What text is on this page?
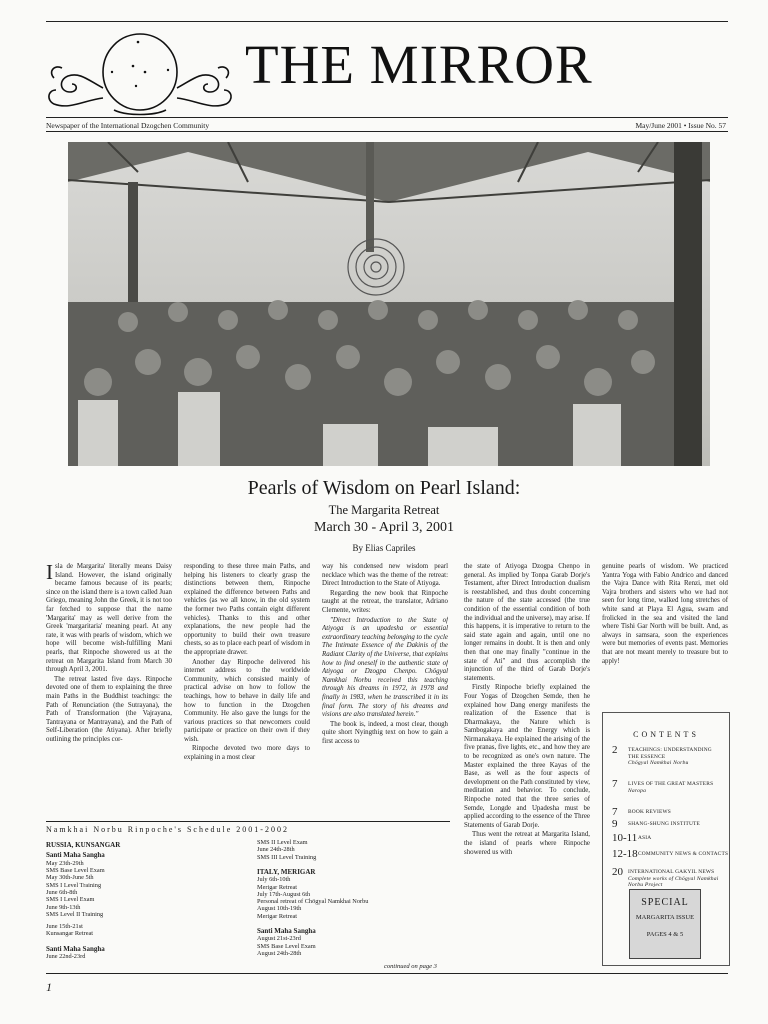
THE MIRROR
Newspaper of the International Dzogchen Community	May/June 2001 • Issue No. 57
Pearls of Wisdom on Pearl Island:
The Margarita Retreat
March 30 - April 3, 2001
By Elias Capriles

Isla de Margarita' literally means Daisy Island. However, the island originally became famous because of its pearls; since on the island there is a town called Juan Griego, meaning John the Greek, it is not too far fetched to suppose that the name 'Margarita' may as well derive from the Greek 'margaritaria' meaning pearl. At any rate, it was with pearls of wisdom, which we hope will become wish-fulfilling Mani pearls, that Rinpoche showered us at the retreat on Margarita Island from March 30 through April 3, 2001.

The retreat lasted five days. Rinpoche devoted one of them to explaining the three main Paths in the Buddhist teachings: the Path of Renunciation (the Sutrayana), the Path of Transformation (the Vajrayana, Tantrayana or Mantrayana), and the Path of Self-Liberation (the Atiyana). After briefly outlining the principles cor-

responding to these three main Paths, and helping his listeners to clearly grasp the distinctions between them, Rinpoche explained the difference between Paths and vehicles (as we all know, in the old system the former two Paths contain eight different vehicles). Thanks to this and other explanations, the new people had the opportunity to build their own treasure chests, so as to place each pearl of wisdom in the appropriate drawer.

Another day Rinpoche delivered his internet address to the worldwide Community, which consisted mainly of practical advise on how to follow the teachings, how to behave in daily life and how to function in the Dzogchen Community. He also gave the lungs for the various practices so that newcomers could participate or practice on their own if they wish.

Rinpoche devoted two more days to explaining in a most clear

way his condensed new wisdom pearl necklace which was the theme of the retreat: Direct Introduction to the State of Atiyoga.

Regarding the new book that Rinpoche taught at the retreat, the translator, Adriano Clemente, writes:

"Direct Introduction to the State of Atiyoga is an upadesha or essential extraordinary teaching belonging to the cycle The Intimate Essence of the Dakinis of the Radiant Clarity of the Universe, that explains how to find oneself in the authentic state of Atiyoga or Dzogpa Chenpo. Chögyal Namkhai Norbu received this teaching through his dreams in 1972, in 1978 and finally in 1983, when he transcribed it in its final form. The story of his dreams and visions are also translated herein."

The book is, indeed, a most clear, though quite short Nyingthig text on how to gain a first access to

the state of Atiyoga Dzogpa Chenpo in general. As implied by Tonpa Garab Dorje's Testament, after Direct Introduction dualism is reestablished, and thus doubt concerning the nature of the state accessed (the true condition of the essential condition of both the individual and the universe), may arise. If this happens, it is imperative to return to the said state again and again, until one no longer remains in doubt. It is then and only then that one may finally "continue in the state of Ati" and thus accomplish the injunction of the third of Garab Dorje's statements.

Firstly Rinpoche briefly explained the Four Yogas of Dzogchen Semde, then he explained how Dang energy manifests the realization of the Essence that is Dharmakaya, the Nature which is Sambogakaya and the Energy which is Nirmanakaya. He explained the arising of the five pranas, five lights, etc., and how they are to be recognized as one's own nature. The Master explained the three Kayas of the Base, as well as the four aspects of development on the Path constituted by view, meditation and behavior. To conclude, Rinpoche noted that the three series of Semde, Longde and Upadesha must be applied according to the essence of the Three Statements of Garab Dorje.

Thus went the retreat at Margarita Island, the island of pearls where Rinpoche showered us with

genuine pearls of wisdom. We practiced Yantra Yoga with Fabio Andrico and danced the Vajra Dance with Rita Renzi, met old Vajra brothers and sisters who we had not seen for long time, walked long stretches of white sand at Playa El Agua, swam and frolicked in the sea and visited the land where Tishi Gar North will be built. And, as always in samsara, soon the experiences were but memories of events past. Memories that are not meant merely to treasure but to apply!

Namkhai Norbu Rinpoche's Schedule 2001-2002
RUSSIA, KUNSANGAR
Santi Maha Sangha
May 23th-29th
SMS Base Level Exam
May 30th-June 5th
SMS I Level Training
June 6th-8th
SMS I Level Exam
June 9th-13th
SMS Level II Training
June 15th-21st
Kunsangar Retreat
Santi Maha Sangha
June 22nd-23rd
SMS II Level Exam
June 24th-28th
SMS III Level Training
ITALY, MERIGAR
July 6th-10th
Merigar Retreat
July 17th-August 6th
Personal retreat of Chögyal Namkhai Norbu
August 10th-19th
Merigar Retreat
Santi Maha Sangha
August 21st-23rd
SMS Base Level Exam
August 24th-28th
continued on page 3
CONTENTS
2 TEACHINGS: UNDERSTANDING THE ESSENCE
Chögyal Namkhai Norbu
7 LIVES OF THE GREAT MASTERS
Naropa
7 BOOK REVIEWS
9 SHANG-SHUNG INSTITUTE
10-11 ASIA
12-18 COMMUNITY NEWS & CONTACTS
20 INTERNATIONAL GAKYIL NEWS
Complete works of Chögyal Namkhai Norbu Project
SPECIAL
MARGARITA ISSUE
PAGES 4 & 5
1
